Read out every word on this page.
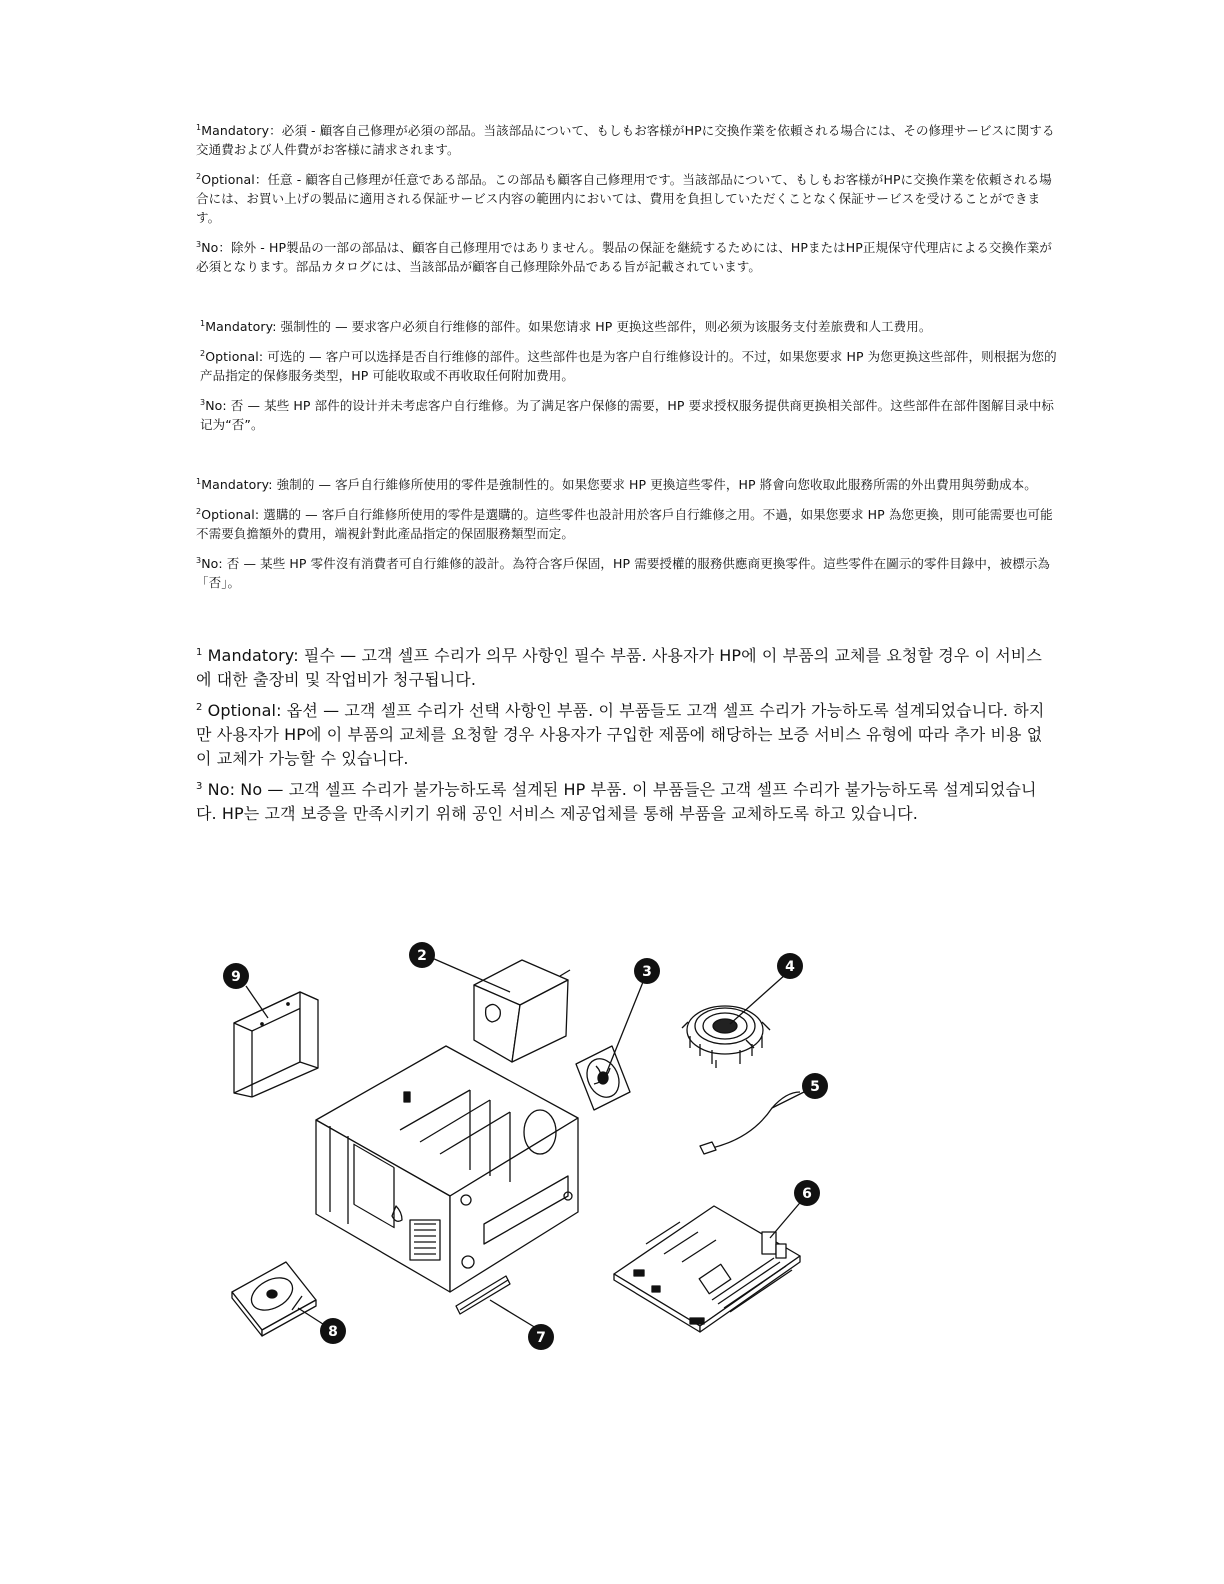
$^1$Mandatory：必須 - 顧客自己修理が必須の部品。当該部品について、もしもお客様がHPに交換作業を依頼される場合には、その修理サービスに関する交通費および人件費がお客様に請求されます。

$^2$Optional：任意 - 顧客自己修理が任意である部品。この部品も顧客自己修理用です。当該部品について、もしもお客様がHPに交換作業を依頼される場合には、お買い上げの製品に適用される保証サービス内容の範囲内においては、費用を負担していただくことなく保証サービスを受けることができます。

$^3$No：除外 - HP製品の一部の部品は、顧客自己修理用ではありません。製品の保証を継続するためには、HPまたはHP正規保守代理店による交換作業が必須となります。部品カタログには、当該部品が顧客自己修理除外品である旨が記載されています。

$^1$Mandatory: 强制性的 — 要求客户必须自行维修的部件。如果您请求 HP 更换这些部件，则必须为该服务支付差旅费和人工费用。

$^2$Optional: 可选的 — 客户可以选择是否自行维修的部件。这些部件也是为客户自行维修设计的。不过，如果您要求 HP 为您更换这些部件，则根据为您的产品指定的保修服务类型，HP 可能收取或不再收取任何附加费用。

$^3$No: 否 — 某些 HP 部件的设计并未考虑客户自行维修。为了满足客户保修的需要，HP 要求授权服务提供商更换相关部件。这些部件在部件图解目录中标记为“否”。

$^1$Mandatory: 強制的 — 客戶自行維修所使用的零件是強制性的。如果您要求 HP 更換這些零件，HP 將會向您收取此服務所需的外出費用與勞動成本。

$^2$Optional: 選購的 — 客戶自行維修所使用的零件是選購的。這些零件也設計用於客戶自行維修之用。不過，如果您要求 HP 為您更換，則可能需要也可能不需要負擔額外的費用，端視針對此產品指定的保固服務類型而定。

$^3$No: 否 — 某些 HP 零件沒有消費者可自行維修的設計。為符合客戶保固，HP 需要授權的服務供應商更換零件。這些零件在圖示的零件目錄中，被標示為「否」。

$^1$ Mandatory: 필수 — 고객 셀프 수리가 의무 사항인 필수 부품. 사용자가 HP에 이 부품의 교체를 요청할 경우 이 서비스에 대한 출장비 및 작업비가 청구됩니다.

$^2$ Optional: 옵션 — 고객 셀프 수리가 선택 사항인 부품. 이 부품들도 고객 셀프 수리가 가능하도록 설계되었습니다. 하지만 사용자가 HP에 이 부품의 교체를 요청할 경우 사용자가 구입한 제품에 해당하는 보증 서비스 유형에 따라 추가 비용 없이 교체가 가능할 수 있습니다.

$^3$ No: No — 고객 셀프 수리가 불가능하도록 설계된 HP 부품. 이 부품들은 고객 셀프 수리가 불가능하도록 설계되었습니다. HP는 고객 보증을 만족시키기 위해 공인 서비스 제공업체를 통해 부품을 교체하도록 하고 있습니다.

9
2
3	4
5
6
7
8
